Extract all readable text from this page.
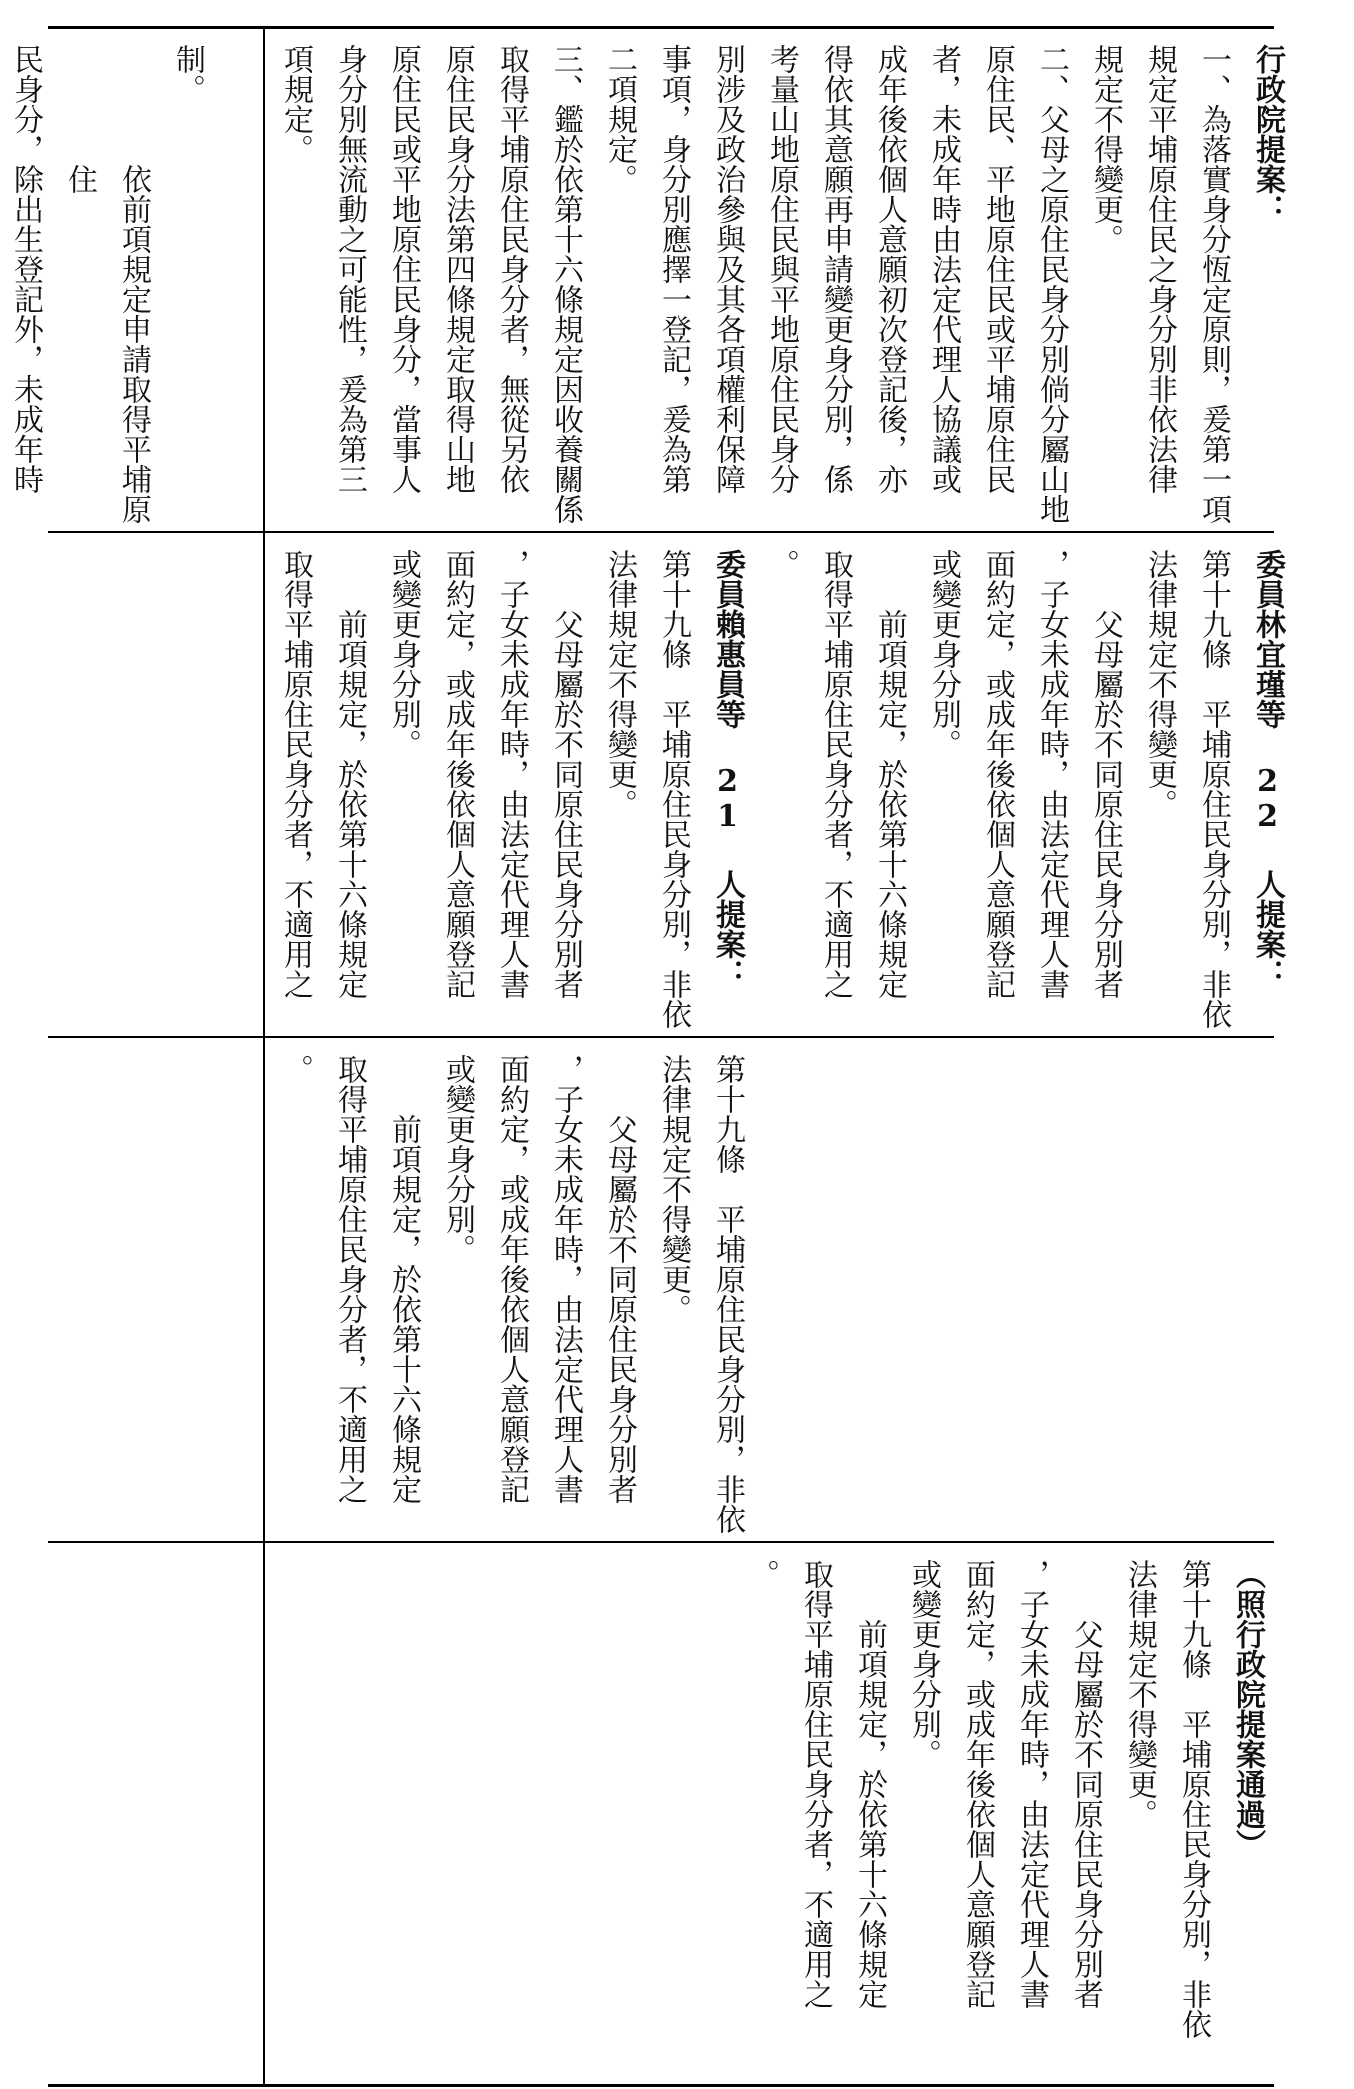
制。

依前項規定申請取得平埔原住

民身分，除出生登記外，未成年時

（照行政院提案通過）

第十九條　平埔原住民身分別，非依

法律規定不得變更。

父母屬於不同原住民身分別者

，子女未成年時，由法定代理人書

面約定，或成年後依個人意願登記

或變更身分別。

前項規定，於依第十六條規定

取得平埔原住民身分者，不適用之

。

第十九條　平埔原住民身分別，非依

法律規定不得變更。

父母屬於不同原住民身分別者

，子女未成年時，由法定代理人書

面約定，或成年後依個人意願登記

或變更身分別。

前項規定，於依第十六條規定

取得平埔原住民身分者，不適用之

。

委員林宜瑾等 22 人提案：

第十九條　平埔原住民身分別，非依

法律規定不得變更。

父母屬於不同原住民身分別者

，子女未成年時，由法定代理人書

面約定，或成年後依個人意願登記

或變更身分別。

前項規定，於依第十六條規定

取得平埔原住民身分者，不適用之

。

委員賴惠員等 21 人提案：

第十九條　平埔原住民身分別，非依

法律規定不得變更。

父母屬於不同原住民身分別者

，子女未成年時，由法定代理人書

面約定，或成年後依個人意願登記

或變更身分別。

前項規定，於依第十六條規定

取得平埔原住民身分者，不適用之

行政院提案：

一、為落實身分恆定原則，爰第一項

規定平埔原住民之身分別非依法律

規定不得變更。

二、父母之原住民身分別倘分屬山地

原住民、平地原住民或平埔原住民

者，未成年時由法定代理人協議或

成年後依個人意願初次登記後，亦

得依其意願再申請變更身分別，係

考量山地原住民與平地原住民身分

別涉及政治參與及其各項權利保障

事項，身分別應擇一登記，爰為第

二項規定。

三、鑑於依第十六條規定因收養關係

取得平埔原住民身分者，無從另依

原住民身分法第四條規定取得山地

原住民或平地原住民身分，當事人

身分別無流動之可能性，爰為第三

項規定。
